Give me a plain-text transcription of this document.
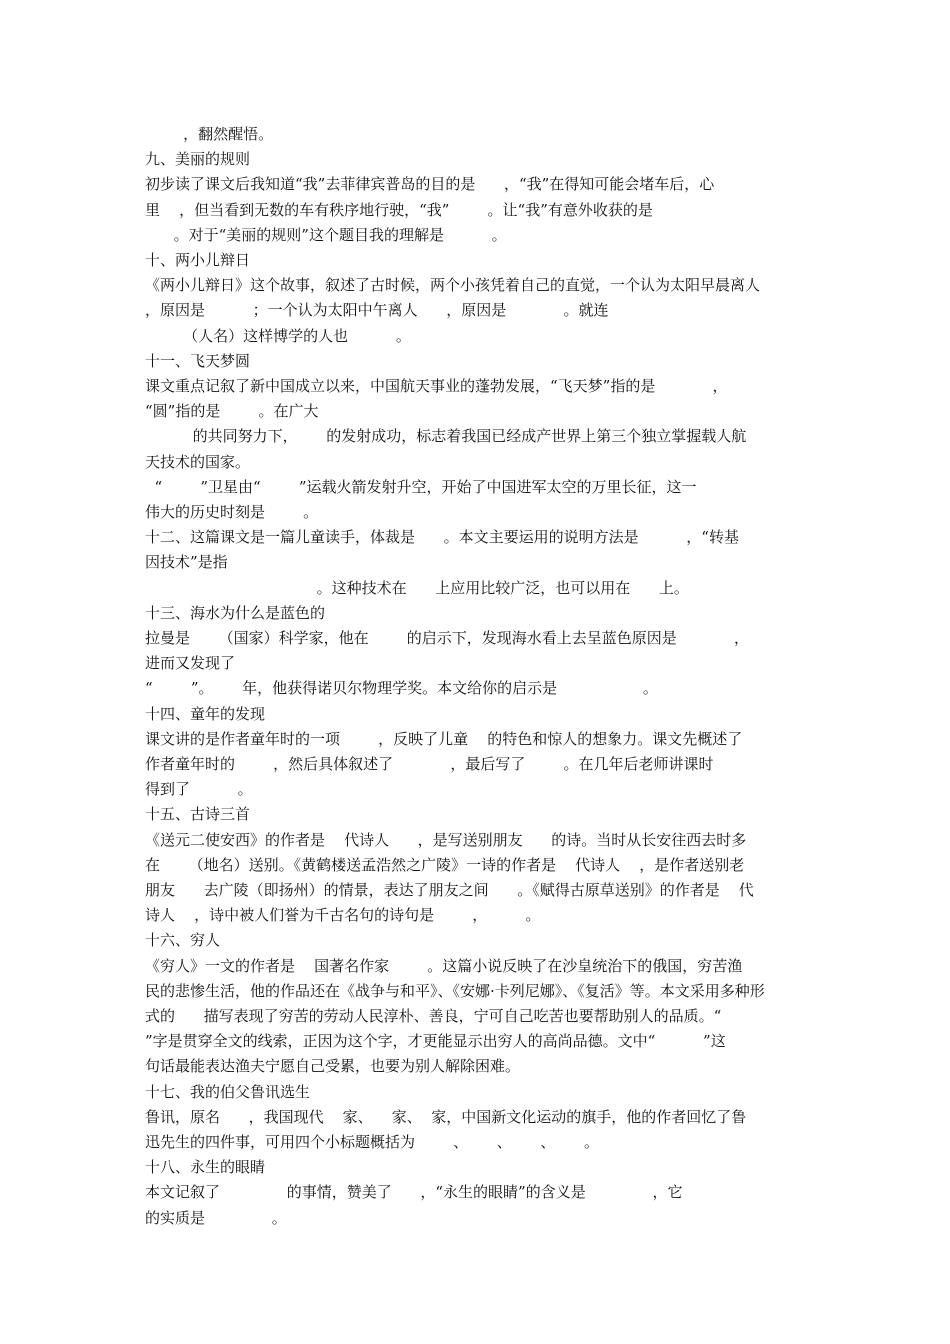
，翻然醒悟。
九、美丽的规则
初步读了课文后我知道“我”去菲律宾普岛的目的是      ，“我”在得知可能会堵车后，心
里    ，但当看到无数的车有秩序地行驶，“我”        。让“我”有意外收获的是
。对于“美丽的规则”这个题目我的理解是          。
十、两小儿辩日
《两小儿辩日》这个故事，叙述了古时候，两个小孩凭着自己的直觉，一个认为太阳早晨离人
，原因是          ；一个认为太阳中午离人      ，原因是            。就连
（人名）这样博学的人也          。
十一、飞天梦圆
课文重点记叙了新中国成立以来，中国航天事业的蓬勃发展，“飞天梦”指的是            ，
“圆”指的是        。在广大
的共同努力下，      的发射成功，标志着我国已经成产世界上第三个独立掌握载人航
天技术的国家。
“        ”卫星由“        ”运载火箭发射升空，开始了中国进军太空的万里长征，这一
伟大的历史时刻是        。
十二、这篇课文是一篇儿童读手，体裁是      。本文主要运用的说明方法是          ，“转基
因技术”是指
。这种技术在      上应用比较广泛，也可以用在      上。
十三、海水为什么是蓝色的
拉曼是      （国家）科学家，他在        的启示下，发现海水看上去呈蓝色原因是            ，
进而又发现了
“        ”。      年，他获得诺贝尔物理学奖。本文给你的启示是                  。
十四、童年的发现
课文讲的是作者童年时的一项        ，反映了儿童    的特色和惊人的想象力。课文先概述了
作者童年时的        ，然后具体叙述了            ，最后写了        。在几年后老师讲课时
得到了          。
十五、古诗三首
《送元二使安西》的作者是    代诗人      ，是写送别朋友      的诗。当时从长安往西去时多
在      （地名）送别。《黄鹤楼送孟浩然之广陵》一诗的作者是    代诗人    ，是作者送别老
朋友      去广陵（即扬州）的情景，表达了朋友之间      。《赋得古原草送别》的作者是    代
诗人    ，诗中被人们誉为千古名句的诗句是        ，        。
十六、穷人
《穷人》一文的作者是    国著名作家        。这篇小说反映了在沙皇统治下的俄国，穷苦渔
民的悲惨生活，他的作品还在《战争与和平》、《安娜·卡列尼娜》、《复活》等。本文采用多种形
式的      描写表现了穷苦的劳动人民淳朴、善良，宁可自己吃苦也要帮助别人的品质。“
”字是贯穿全文的线索，正因为这个字，才更能显示出穷人的高尚品德。文中“          ”这
句话最能表达渔夫宁愿自己受累，也要为别人解除困难。
十七、我的伯父鲁讯选生
鲁讯，原名      ，我国现代    家、    家、  家，中国新文化运动的旗手，他的作者回忆了鲁
迅先生的四件事，可用四个小标题概括为        、      、      、      。
十八、永生的眼睛
本文记叙了              的事情，赞美了      ，“永生的眼睛”的含义是              ，它
的实质是              。
